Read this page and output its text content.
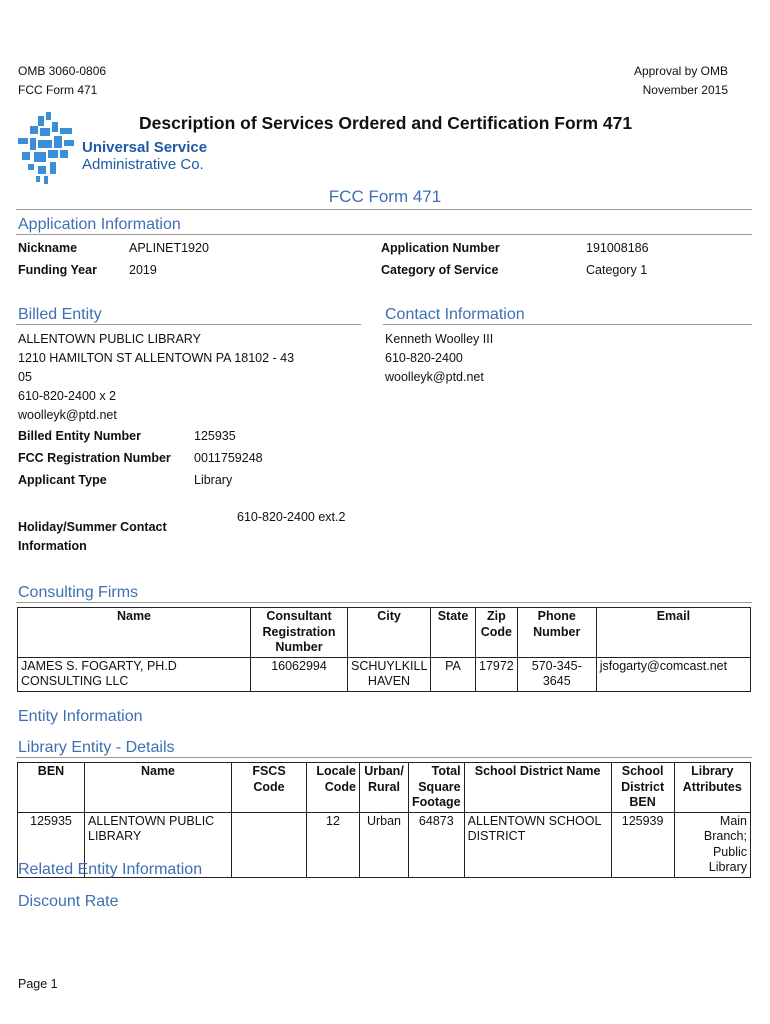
OMB 3060-0806
FCC Form 471
Approval by OMB
November 2015
Universal Service
Administrative Co.
Description of Services Ordered and Certification Form 471
FCC Form 471
Application Information
Nickname	APLINET1920	Application Number	191008186
Funding Year	2019	Category of Service	Category 1
Billed Entity
ALLENTOWN PUBLIC LIBRARY
1210 HAMILTON ST ALLENTOWN PA 18102 - 43
05
610-820-2400 x 2
woolleyk@ptd.net
Contact Information
Kenneth Woolley III
610-820-2400
woolleyk@ptd.net
Billed Entity Number	125935
FCC Registration Number 0011759248
Applicant Type	Library
Holiday/Summer Contact
Information
610-820-2400 ext.2
Consulting Firms
Name	Consultant Registration Number	City	State	Zip Code	Phone Number	Email
JAMES S. FOGARTY, PH.D CONSULTING LLC	16062994	SCHUYLKILL HAVEN	PA	17972	570-345-3645	jsfogarty@comcast.net
Entity Information
Library Entity - Details
BEN	Name	FSCS Code	Locale Code	Urban/ Rural	Total Square Footage	School District Name	School District BEN	Library Attributes
125935	ALLENTOWN PUBLIC LIBRARY		12	Urban	64873	ALLENTOWN SCHOOL DISTRICT	125939	Main Branch; Public Library
Related Entity Information
Discount Rate
Page 1
